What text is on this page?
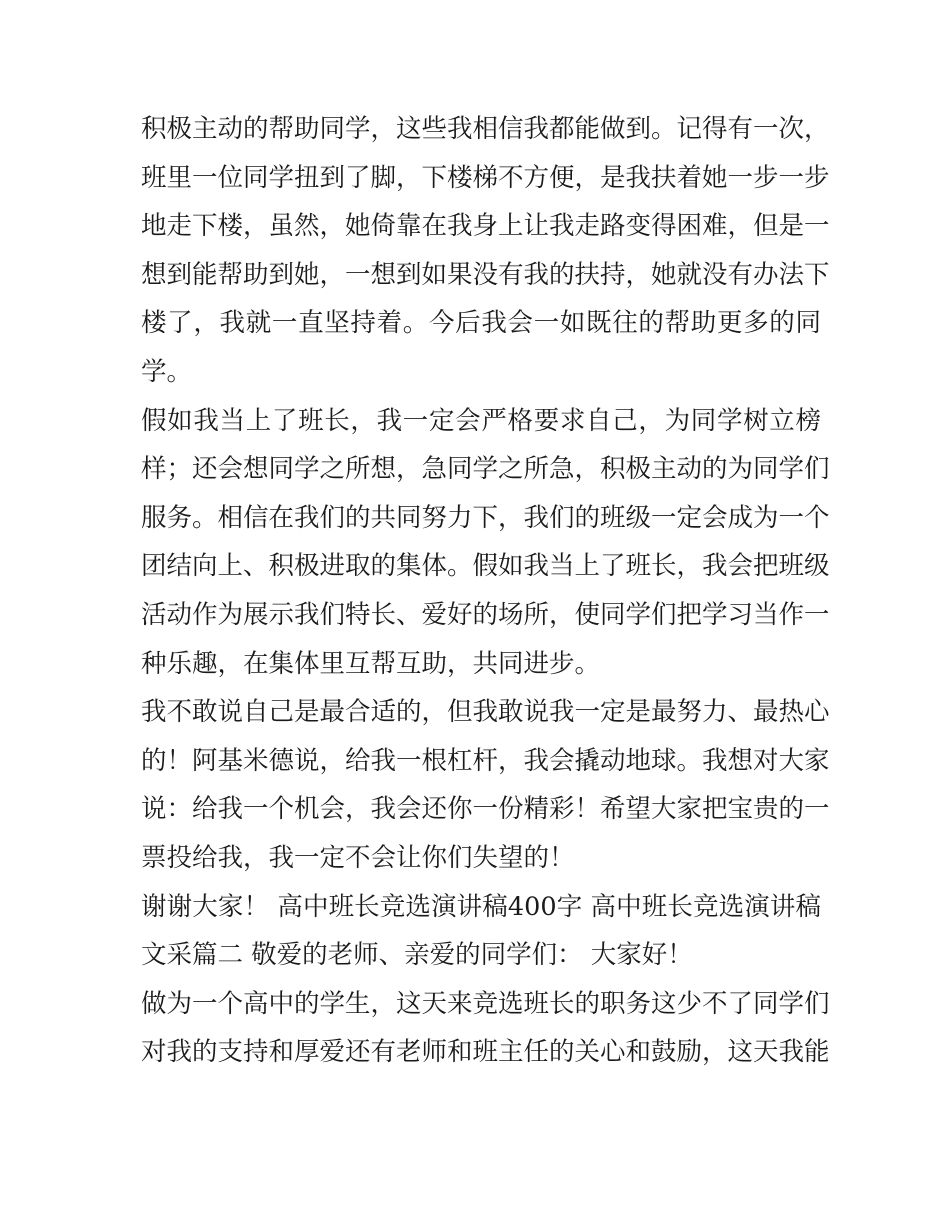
积极主动的帮助同学，这些我相信我都能做到。记得有一次，
班里一位同学扭到了脚，下楼梯不方便，是我扶着她一步一步
地走下楼，虽然，她倚靠在我身上让我走路变得困难，但是一
想到能帮助到她，一想到如果没有我的扶持，她就没有办法下
楼了，我就一直坚持着。今后我会一如既往的帮助更多的同
学。
假如我当上了班长，我一定会严格要求自己，为同学树立榜
样；还会想同学之所想，急同学之所急，积极主动的为同学们
服务。相信在我们的共同努力下，我们的班级一定会成为一个
团结向上、积极进取的集体。假如我当上了班长，我会把班级
活动作为展示我们特长、爱好的场所，使同学们把学习当作一
种乐趣，在集体里互帮互助，共同进步。
我不敢说自己是最合适的，但我敢说我一定是最努力、最热心
的！阿基米德说，给我一根杠杆，我会撬动地球。我想对大家
说：给我一个机会，我会还你一份精彩！希望大家把宝贵的一
票投给我，我一定不会让你们失望的！
谢谢大家！ 高中班长竞选演讲稿400字 高中班长竞选演讲稿
文采篇二 敬爱的老师、亲爱的同学们： 大家好！
做为一个高中的学生，这天来竞选班长的职务这少不了同学们
对我的支持和厚爱还有老师和班主任的关心和鼓励，这天我能
